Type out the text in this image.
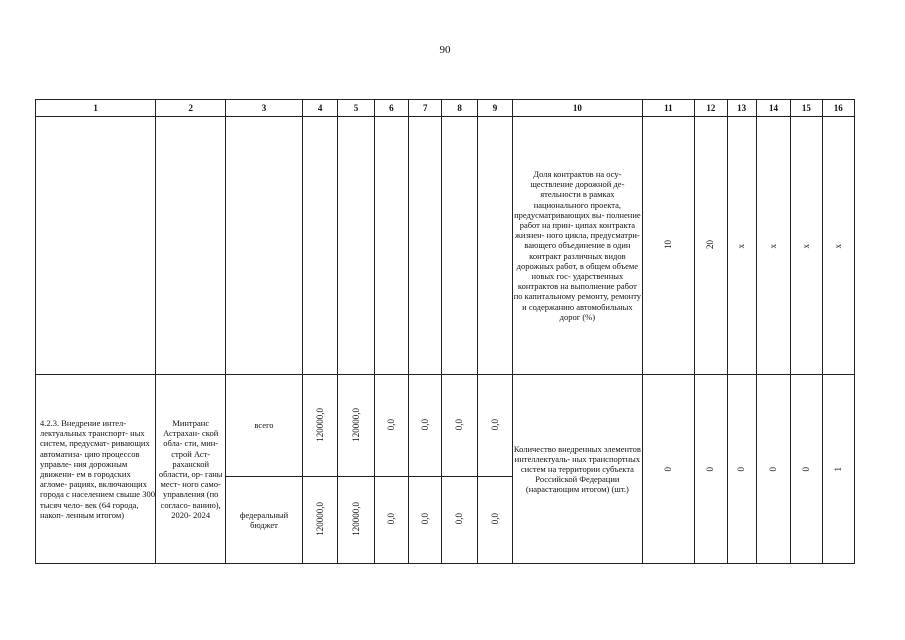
90
1	2	3	4	5	6	7	8	9	10	11	12	13	14	15	16
									Доля контрактов на осу- ществление дорожной де- ятельности в рамках национального проекта, предусматривающих вы- полнение работ на прин- ципах контракта жизнен- ного цикла, предусматри- вающего объединение в один контракт различных видов дорожных работ, в общем объеме новых гос- ударственных контрактов на выполнение работ по капитальному ремонту, ремонту и содержанию автомобильных дорог (%)	10	20	x	x	x	x
4.2.3. Внедрение интел- лектуальных транспорт- ных систем, предусмат- ривающих автоматиза- цию процессов управле- ния дорожным движени- ем в городских агломе- рациях, включающих города с населением свыше 300 тысяч чело- век (64 города, накоп- ленным итогом)	Минтранс Астрахан- ской обла- сти, мин- строй Аст- раханской области, ор- ганы мест- ного само- управления (по согласо- ванию), 2020- 2024	всего	120000,0	120000,0	0,0	0,0	0,0	0,0	Количество внедренных элементов интеллектуаль- ных транспортных систем на территории субъекта Российской Федерации (нарастающим итогом) (шт.)	0	0	0	0	0	1
		федеральный бюджет	120000,0	120000,0	0,0	0,0	0,0	0,0							
